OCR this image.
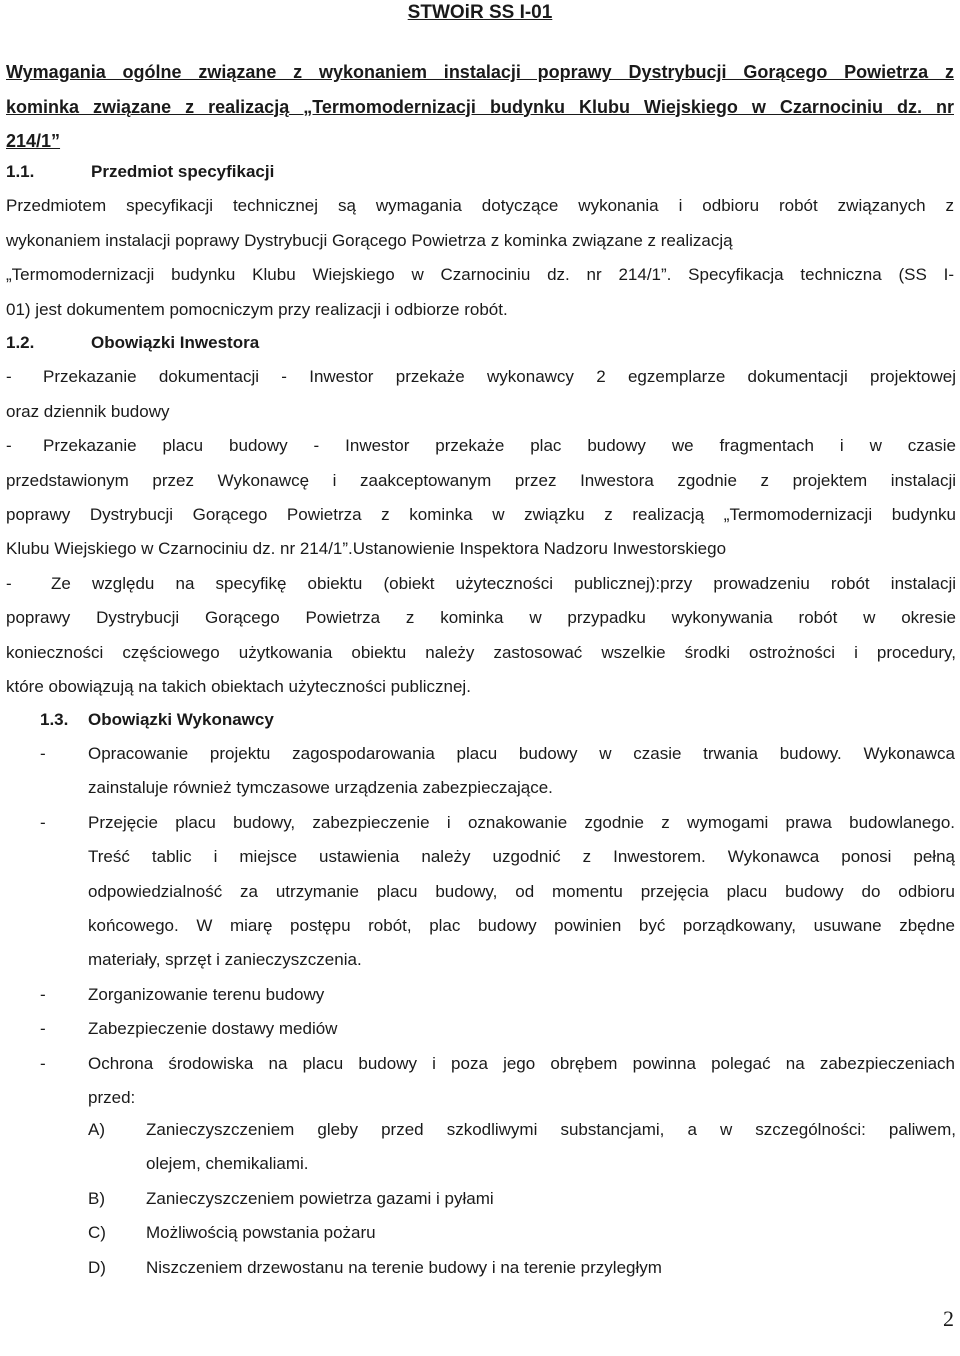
STWOiR SS I-01
Wymagania ogólne związane z wykonaniem instalacji poprawy Dystrybucji Gorącego Powietrza z
kominka związane z realizacją „Termomodernizacji budynku Klubu Wiejskiego w Czarnociniu dz. nr
214/1”
1.1.	Przedmiot specyfikacji
Przedmiotem specyfikacji technicznej są wymagania dotyczące wykonania i odbioru robót związanych z
wykonaniem instalacji poprawy Dystrybucji Gorącego Powietrza z kominka związane z realizacją
„Termomodernizacji budynku Klubu Wiejskiego w Czarnociniu dz. nr 214/1”. Specyfikacja techniczna (SS I-
01) jest dokumentem pomocniczym przy realizacji i odbiorze robót.
1.2.	Obowiązki Inwestora
- Przekazanie dokumentacji - Inwestor przekaże wykonawcy 2 egzemplarze dokumentacji projektowej
oraz dziennik budowy
- Przekazanie placu budowy - Inwestor przekaże plac budowy we fragmentach i w czasie
przedstawionym przez Wykonawcę i zaakceptowanym przez Inwestora zgodnie z projektem instalacji
poprawy Dystrybucji Gorącego Powietrza z kominka w związku z realizacją „Termomodernizacji budynku
Klubu Wiejskiego w Czarnociniu dz. nr 214/1”.Ustanowienie Inspektora Nadzoru Inwestorskiego
- Ze względu na specyfikę obiektu (obiekt użyteczności publicznej):przy prowadzeniu robót instalacji
poprawy Dystrybucji Gorącego Powietrza z kominka w przypadku wykonywania robót w okresie
konieczności częściowego użytkowania obiektu należy zastosować wszelkie środki ostrożności i procedury,
które obowiązują na takich obiektach użyteczności publicznej.
1.3. Obowiązki Wykonawcy
-	Opracowanie projektu zagospodarowania placu budowy w czasie trwania budowy. Wykonawca
zainstaluje również tymczasowe urządzenia zabezpieczające.
-	Przejęcie placu budowy, zabezpieczenie i oznakowanie zgodnie z wymogami prawa budowlanego.
Treść tablic i miejsce ustawienia należy uzgodnić z Inwestorem. Wykonawca ponosi pełną
odpowiedzialność za utrzymanie placu budowy, od momentu przejęcia placu budowy do odbioru
końcowego. W miarę postępu robót, plac budowy powinien być porządkowany, usuwane zbędne
materiały, sprzęt i zanieczyszczenia.
-	Zorganizowanie terenu budowy
-	Zabezpieczenie dostawy mediów
-	Ochrona środowiska na placu budowy i poza jego obrębem powinna polegać na zabezpieczeniach
przed:
A)	Zanieczyszczeniem gleby przed szkodliwymi substancjami, a w szczególności: paliwem,
olejem, chemikaliami.
B)	Zanieczyszczeniem powietrza gazami i pyłami
C)	Możliwością powstania pożaru
D)	Niszczeniem drzewostanu na terenie budowy i na terenie przyległym
2
